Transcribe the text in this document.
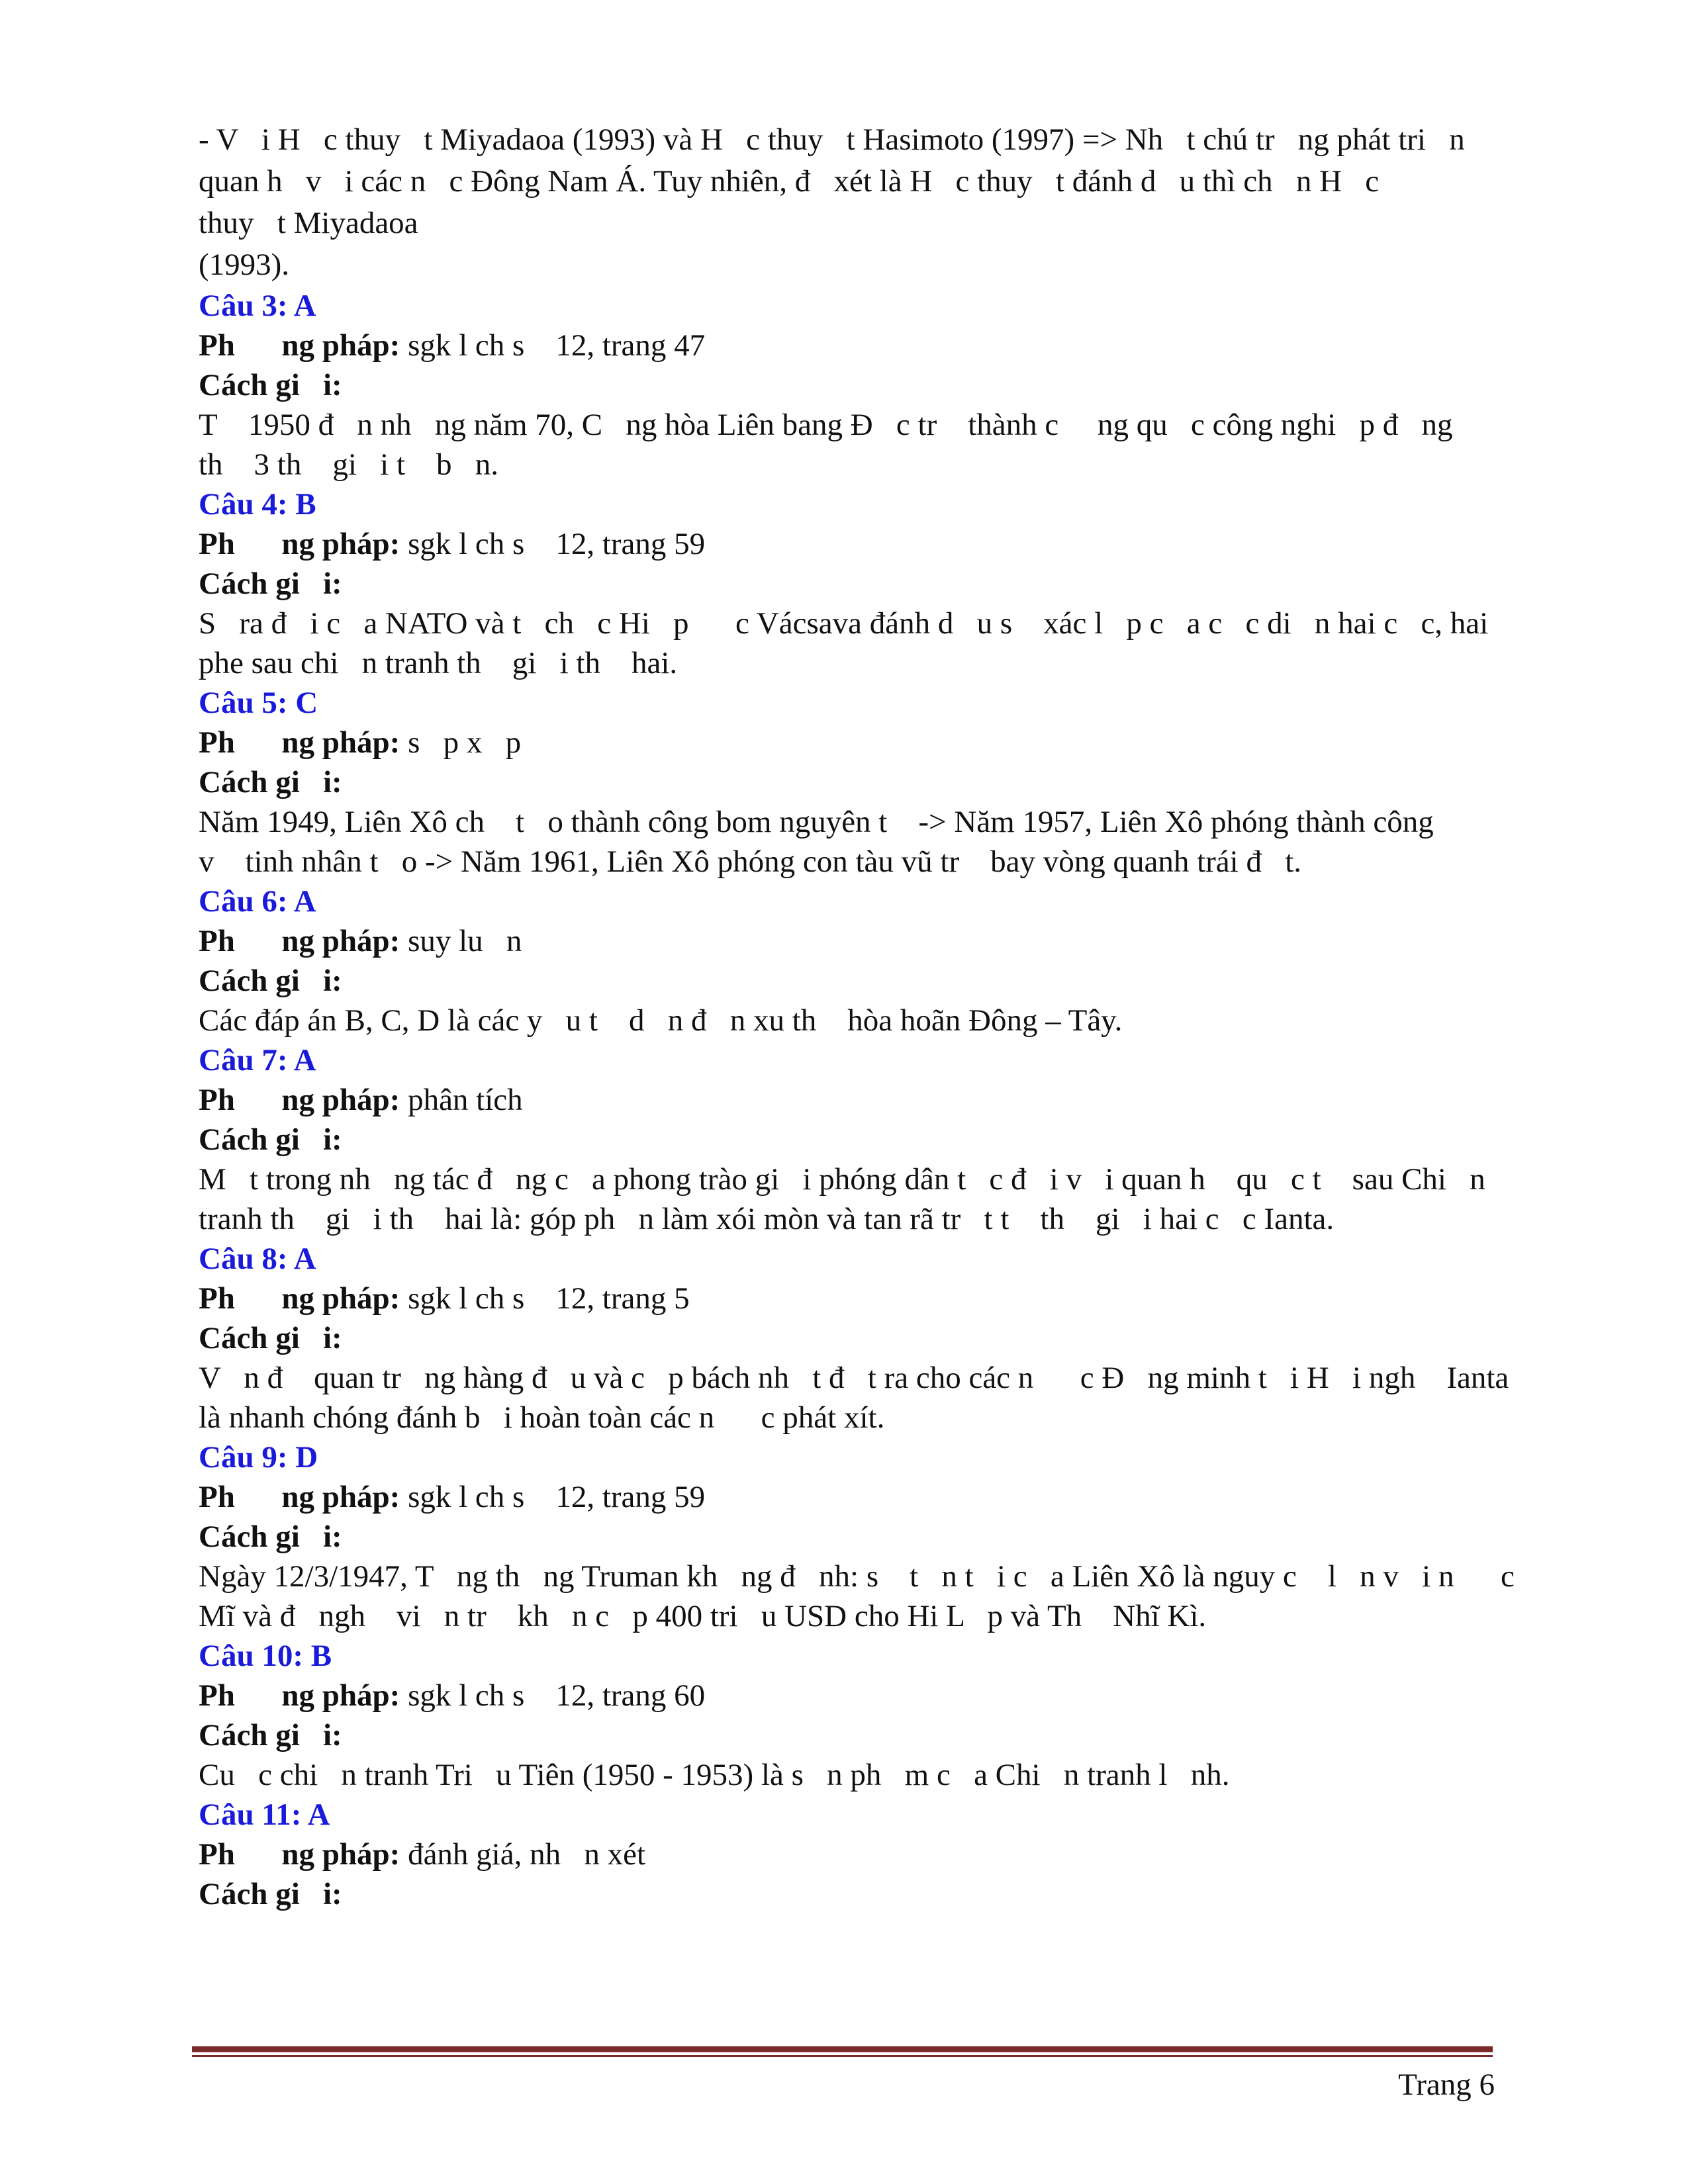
- V   i H   c thuy   t Miyadaoa (1993) và H   c thuy   t Hasimoto (1997) => Nh   t chú tr   ng phát tri   n

quan h   v   i các n   c Đông Nam Á. Tuy nhiên, đ   xét là H   c thuy   t đánh d   u thì ch   n H   c

thuy   t Miyadaoa

(1993).

Câu 3: A

Ph      ng pháp: sgk l ch s    12, trang 47

Cách gi   i:

T    1950 đ   n nh   ng năm 70, C   ng hòa Liên bang Đ   c tr    thành c     ng qu   c công nghi   p đ   ng

th    3 th    gi   i t    b   n.

Câu 4: B

Ph      ng pháp: sgk l ch s    12, trang 59

Cách gi   i:

S   ra đ   i c   a NATO và t   ch   c Hi   p      c Vácsava đánh d   u s    xác l   p c   a c   c di   n hai c   c, hai

phe sau chi   n tranh th    gi   i th    hai.

Câu 5: C

Ph      ng pháp: s   p x   p

Cách gi   i:

Năm 1949, Liên Xô ch    t   o thành công bom nguyên t    -> Năm 1957, Liên Xô phóng thành công

v    tinh nhân t   o -> Năm 1961, Liên Xô phóng con tàu vũ tr    bay vòng quanh trái đ   t.

Câu 6: A

Ph      ng pháp: suy lu   n

Cách gi   i:

Các đáp án B, C, D là các y   u t    d   n đ   n xu th    hòa hoãn Đông – Tây.

Câu 7: A

Ph      ng pháp: phân tích

Cách gi   i:

M   t trong nh   ng tác đ   ng c   a phong trào gi   i phóng dân t   c đ   i v   i quan h    qu   c t    sau Chi   n

tranh th    gi   i th    hai là: góp ph   n làm xói mòn và tan rã tr   t t    th    gi   i hai c   c Ianta.

Câu 8: A

Ph      ng pháp: sgk l ch s    12, trang 5

Cách gi   i:

V   n đ    quan tr   ng hàng đ   u và c   p bách nh   t đ   t ra cho các n      c Đ   ng minh t   i H   i ngh    Ianta

là nhanh chóng đánh b   i hoàn toàn các n      c phát xít.

Câu 9: D

Ph      ng pháp: sgk l ch s    12, trang 59

Cách gi   i:

Ngày 12/3/1947, T   ng th   ng Truman kh   ng đ   nh: s    t   n t   i c   a Liên Xô là nguy c    l   n v   i n      c

Mĩ và đ   ngh    vi   n tr    kh   n c   p 400 tri   u USD cho Hi L   p và Th    Nhĩ Kì.

Câu 10: B

Ph      ng pháp: sgk l ch s    12, trang 60

Cách gi   i:

Cu   c chi   n tranh Tri   u Tiên (1950 - 1953) là s   n ph   m c   a Chi   n tranh l   nh.

Câu 11: A

Ph      ng pháp: đánh giá, nh   n xét

Cách gi   i:

Trang 6
